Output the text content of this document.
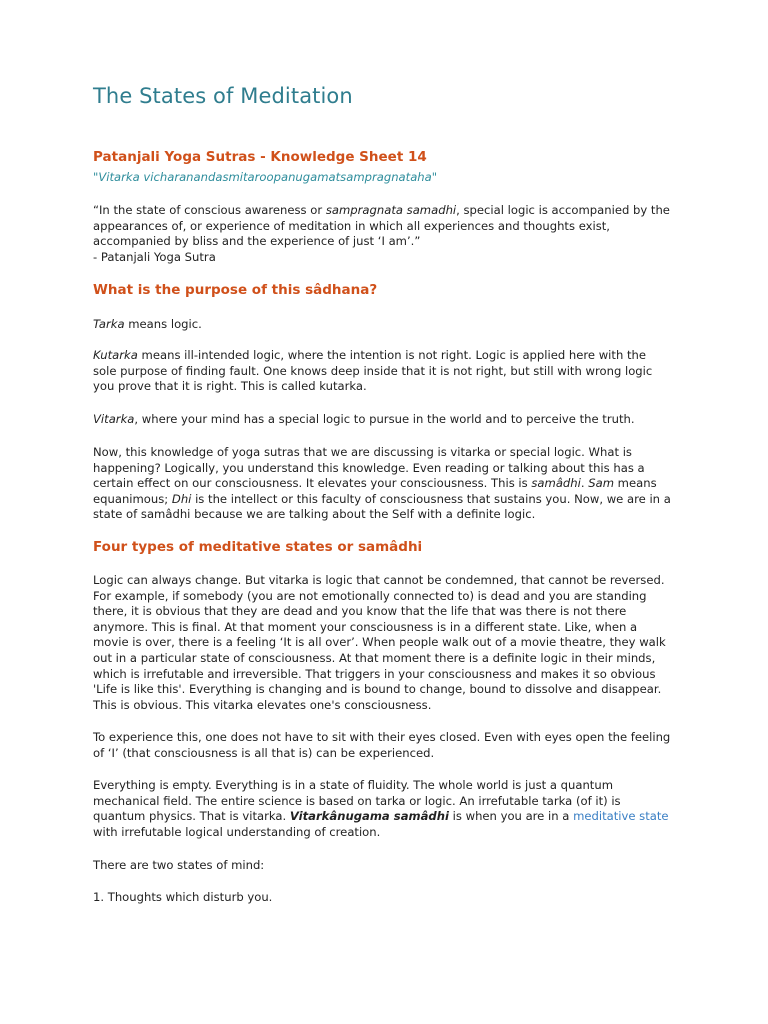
The States of Meditation

Patanjali Yoga Sutras - Knowledge Sheet 14

"Vitarka vicharanandasmitaroopanugamatsampragnataha"

“In the state of conscious awareness or sampragnata samadhi, special logic is accompanied by the
appearances of, or experience of meditation in which all experiences and thoughts exist,
accompanied by bliss and the experience of just ‘I am’.”
- Patanjali Yoga Sutra

What is the purpose of this sâdhana?

Tarka means logic.

Kutarka means ill-intended logic, where the intention is not right. Logic is applied here with the
sole purpose of finding fault. One knows deep inside that it is not right, but still with wrong logic
you prove that it is right. This is called kutarka.

Vitarka, where your mind has a special logic to pursue in the world and to perceive the truth.

Now, this knowledge of yoga sutras that we are discussing is vitarka or special logic. What is
happening? Logically, you understand this knowledge. Even reading or talking about this has a
certain effect on our consciousness. It elevates your consciousness. This is samâdhi. Sam means
equanimous; Dhi is the intellect or this faculty of consciousness that sustains you. Now, we are in a
state of samâdhi because we are talking about the Self with a definite logic.

Four types of meditative states or samâdhi

Logic can always change. But vitarka is logic that cannot be condemned, that cannot be reversed.
For example, if somebody (you are not emotionally connected to) is dead and you are standing
there, it is obvious that they are dead and you know that the life that was there is not there
anymore. This is final. At that moment your consciousness is in a different state. Like, when a
movie is over, there is a feeling ‘It is all over’. When people walk out of a movie theatre, they walk
out in a particular state of consciousness. At that moment there is a definite logic in their minds,
which is irrefutable and irreversible. That triggers in your consciousness and makes it so obvious
'Life is like this'. Everything is changing and is bound to change, bound to dissolve and disappear.
This is obvious. This vitarka elevates one's consciousness.

To experience this, one does not have to sit with their eyes closed. Even with eyes open the feeling
of ‘I’ (that consciousness is all that is) can be experienced.

Everything is empty. Everything is in a state of fluidity. The whole world is just a quantum
mechanical field. The entire science is based on tarka or logic. An irrefutable tarka (of it) is
quantum physics. That is vitarka. Vitarkânugama samâdhi is when you are in a meditative state
with irrefutable logical understanding of creation.

There are two states of mind:

1. Thoughts which disturb you.
